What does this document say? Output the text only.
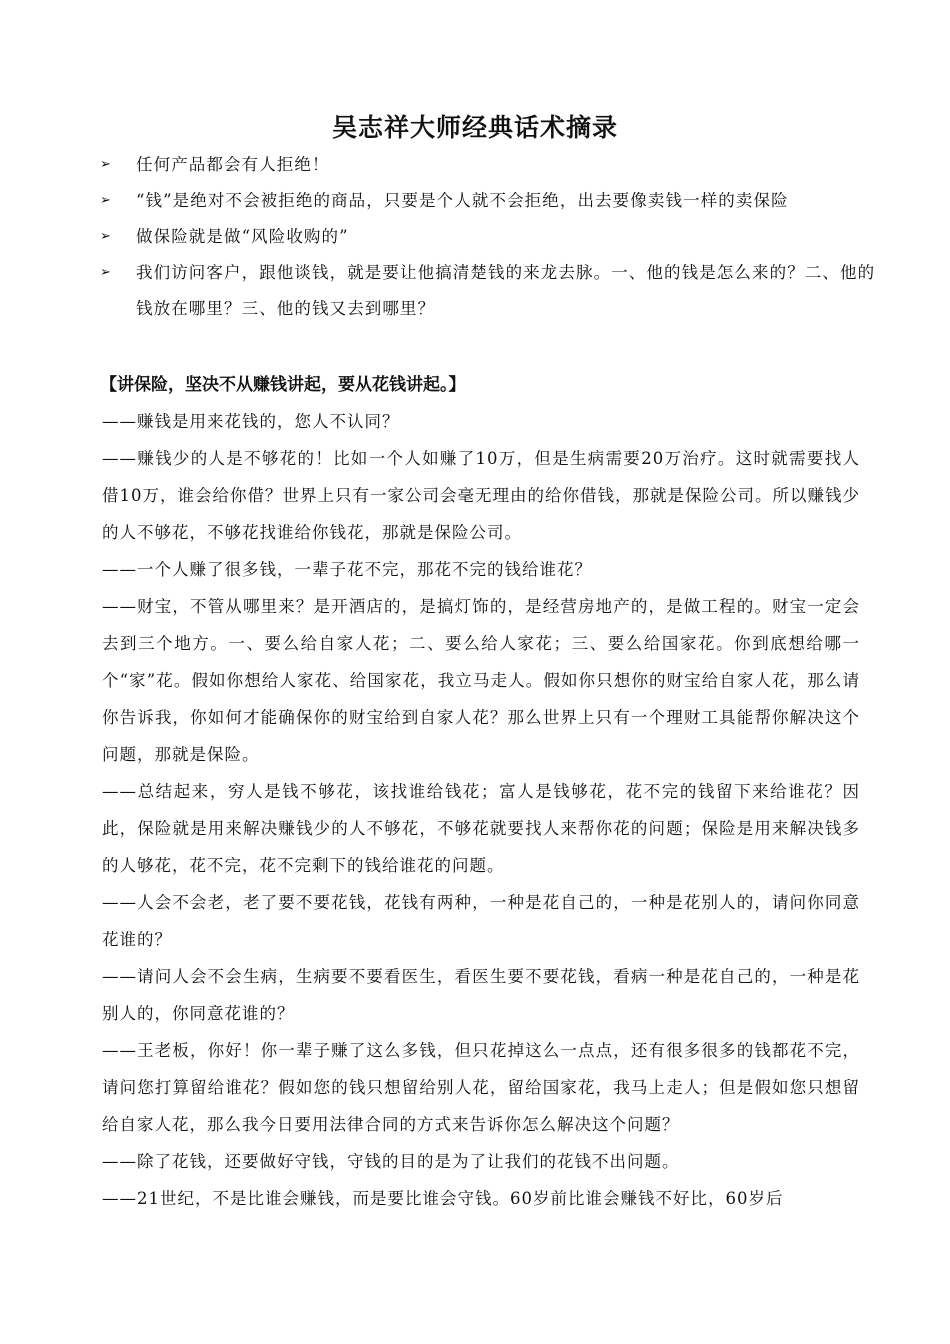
吴志祥大师经典话术摘录
➢ 任何产品都会有人拒绝！
➢ “钱”是绝对不会被拒绝的商品，只要是个人就不会拒绝，出去要像卖钱一样的卖保险
➢ 做保险就是做“风险收购的”
➢ 我们访问客户，跟他谈钱，就是要让他搞清楚钱的来龙去脉。一、他的钱是怎么来的？二、他的钱放在哪里？三、他的钱又去到哪里？
【讲保险，坚决不从赚钱讲起，要从花钱讲起。】

——赚钱是用来花钱的，您人不认同？

——赚钱少的人是不够花的！比如一个人如赚了10万，但是生病需要20万治疗。这时就需要找人借10万，谁会给你借？世界上只有一家公司会毫无理由的给你借钱，那就是保险公司。所以赚钱少的人不够花，不够花找谁给你钱花，那就是保险公司。

——一个人赚了很多钱，一辈子花不完，那花不完的钱给谁花？

——财宝，不管从哪里来？是开酒店的，是搞灯饰的，是经营房地产的，是做工程的。财宝一定会去到三个地方。一、要么给自家人花；二、要么给人家花；三、要么给国家花。你到底想给哪一个“家”花。假如你想给人家花、给国家花，我立马走人。假如你只想你的财宝给自家人花，那么请你告诉我，你如何才能确保你的财宝给到自家人花？那么世界上只有一个理财工具能帮你解决这个问题，那就是保险。

——总结起来，穷人是钱不够花，该找谁给钱花；富人是钱够花，花不完的钱留下来给谁花？因此，保险就是用来解决赚钱少的人不够花，不够花就要找人来帮你花的问题；保险是用来解决钱多的人够花，花不完，花不完剩下的钱给谁花的问题。

——人会不会老，老了要不要花钱，花钱有两种，一种是花自己的，一种是花别人的，请问你同意花谁的？

——请问人会不会生病，生病要不要看医生，看医生要不要花钱，看病一种是花自己的，一种是花别人的，你同意花谁的？

——王老板，你好！你一辈子赚了这么多钱，但只花掉这么一点点，还有很多很多的钱都花不完，请问您打算留给谁花？假如您的钱只想留给别人花，留给国家花，我马上走人；但是假如您只想留给自家人花，那么我今日要用法律合同的方式来告诉你怎么解决这个问题？

——除了花钱，还要做好守钱，守钱的目的是为了让我们的花钱不出问题。

——21世纪，不是比谁会赚钱，而是要比谁会守钱。60岁前比谁会赚钱不好比，60岁后
